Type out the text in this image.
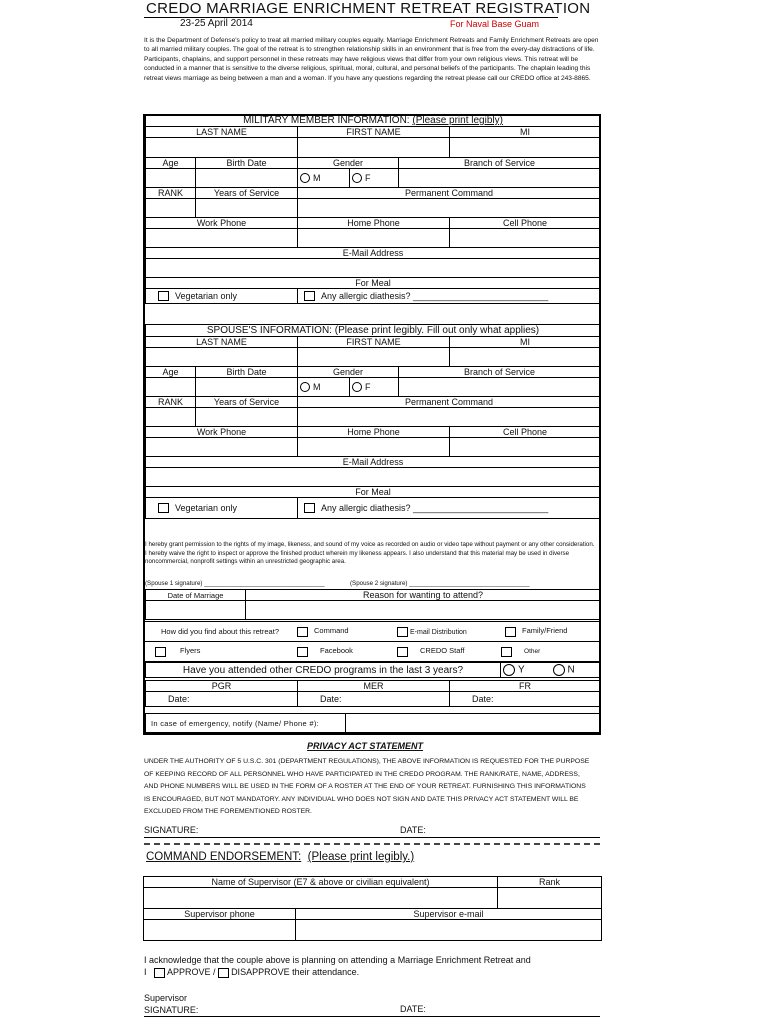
CREDO MARRIAGE ENRICHMENT RETREAT REGISTRATION
23-25 April 2014	For Naval Base Guam
It is the Department of Defense's policy to treat all married military couples equally. Marriage Enrichment Retreats and Family Enrichment Retreats are open to all married military couples. The goal of the retreat is to strengthen relationship skills in an environment that is free from the every-day distractions of life. Participants, chaplains, and support personnel in these retreats may have religious views that differ from your own religious views. This retreat will be conducted in a manner that is sensitive to the diverse religious, spiritual, moral, cultural, and personal beliefs of the participants. The chaplain leading this retreat views marriage as being between a man and a woman. If you have any questions regarding the retreat please call our CREDO office at 243-8865.
MILITARY MEMBER INFORMATION: (Please print legibly)					
LAST NAME		FIRST NAME			MI

Age	Birth Date	Gender		Branch of Service	
		M	F		
RANK	Years of Service	Permanent Command			

Work Phone		Home Phone			Cell Phone

E-Mail Address					

For Meal					
Vegetarian only		Any allergic diathesis? ___________________________			
SPOUSE'S INFORMATION: (Please print legibly. Fill out only what applies)					
LAST NAME		FIRST NAME			MI

Age	Birth Date	Gender		Branch of Service	
		M	F		
RANK	Years of Service	Permanent Command			

Work Phone		Home Phone			Cell Phone

E-Mail Address					

For Meal					
Vegetarian only		Any allergic diathesis? ___________________________			
I hereby grant permission to the rights of my image, likeness, and sound of my voice as recorded on audio or video tape without payment or any other consideration. I hereby waive the right to inspect or approve the finished product wherein my likeness appears. I also understand that this material may be used in diverse noncommercial, nonprofit settings within an unrestricted geographic area.
(Spouse 1 signature) ___________________________________	(Spouse 2 signature) ___________________________________
Date of Marriage	Reason for wanting to attend?

How did you find about this retreat?	Command	E-mail Distribution	Family/Friend
Flyers	Facebook	CREDO Staff	Other
Have you attended other CREDO programs in the last 3 years?	Y	N
PGR	MER	FR
Date:	Date:	Date:
In case of emergency, notify (Name/ Phone #):	
PRIVACY ACT STATEMENT
UNDER THE AUTHORITY OF 5 U.S.C. 301 (DEPARTMENT REGULATIONS), THE ABOVE INFORMATION IS REQUESTED FOR THE PURPOSE OF KEEPING RECORD OF ALL PERSONNEL WHO HAVE PARTICIPATED IN THE CREDO PROGRAM. THE RANK/RATE, NAME, ADDRESS, AND PHONE NUMBERS WILL BE USED IN THE FORM OF A ROSTER AT THE END OF YOUR RETREAT. FURNISHING THIS INFORMATIONS IS ENCOURAGED, BUT NOT MANDATORY. ANY INDIVIDUAL WHO DOES NOT SIGN AND DATE THIS PRIVACY ACT STATEMENT WILL BE EXCLUDED FROM THE FOREMENTIONED ROSTER.
SIGNATURE:	DATE:
COMMAND ENDORSEMENT: (Please print legibly.)
Name of Supervisor (E7 & above or civilian equivalent)		Rank

Supervisor phone	Supervisor e-mail	

I acknowledge that the couple above is planning on attending a Marriage Enrichment Retreat and
I APPROVE / DISAPPROVE their attendance.
Supervisor
SIGNATURE:	DATE:
